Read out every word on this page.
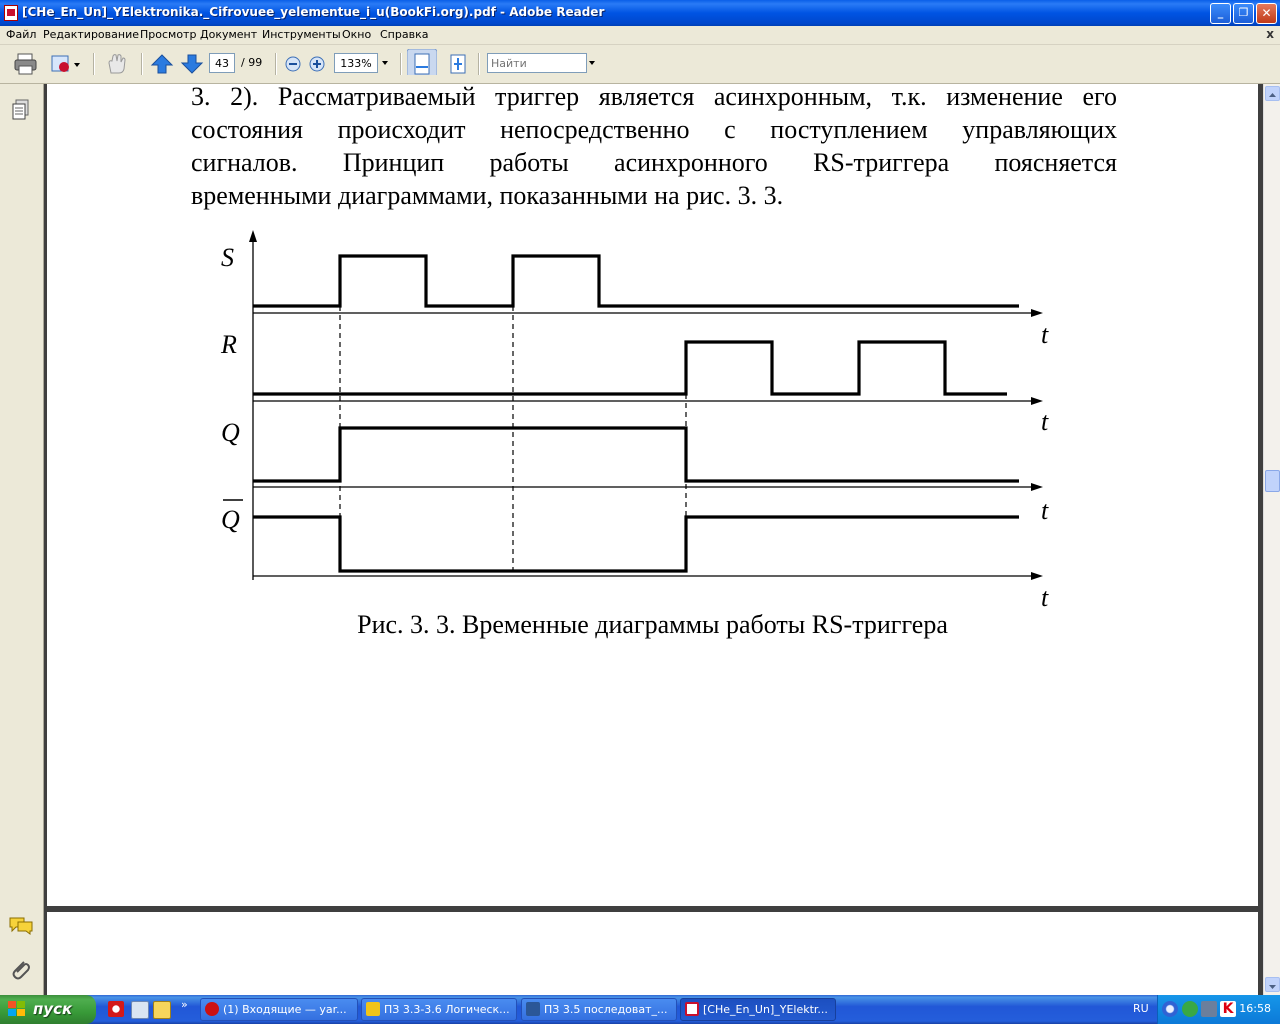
[CHe_En_Un]_YElektronika._Cifrovuee_yelementue_i_u(BookFi.org).pdf - Adobe Reader	_	❐	✕
Файл Редактирование Просмотр Документ Инструменты Окно Справка	x
43
/ 99
133%
Найти
3. 2). Рассматриваемый триггер является асинхронным, т.к. изменение его
состояния происходит непосредственно с поступлением управляющих
сигналов. Принцип работы асинхронного RS-триггера поясняется
временными диаграммами, показанными на рис. 3. 3.
S
R
Q
Q
t
t
t
t
Рис. 3. 3. Временные диаграммы работы RS-триггера
пуск	»	(1) Входящие — yar...	ПЗ 3.3-3.6 Логическ...	ПЗ 3.5 последоват_...	[CHe_En_Un]_YElektr...	RU	K 16:58
